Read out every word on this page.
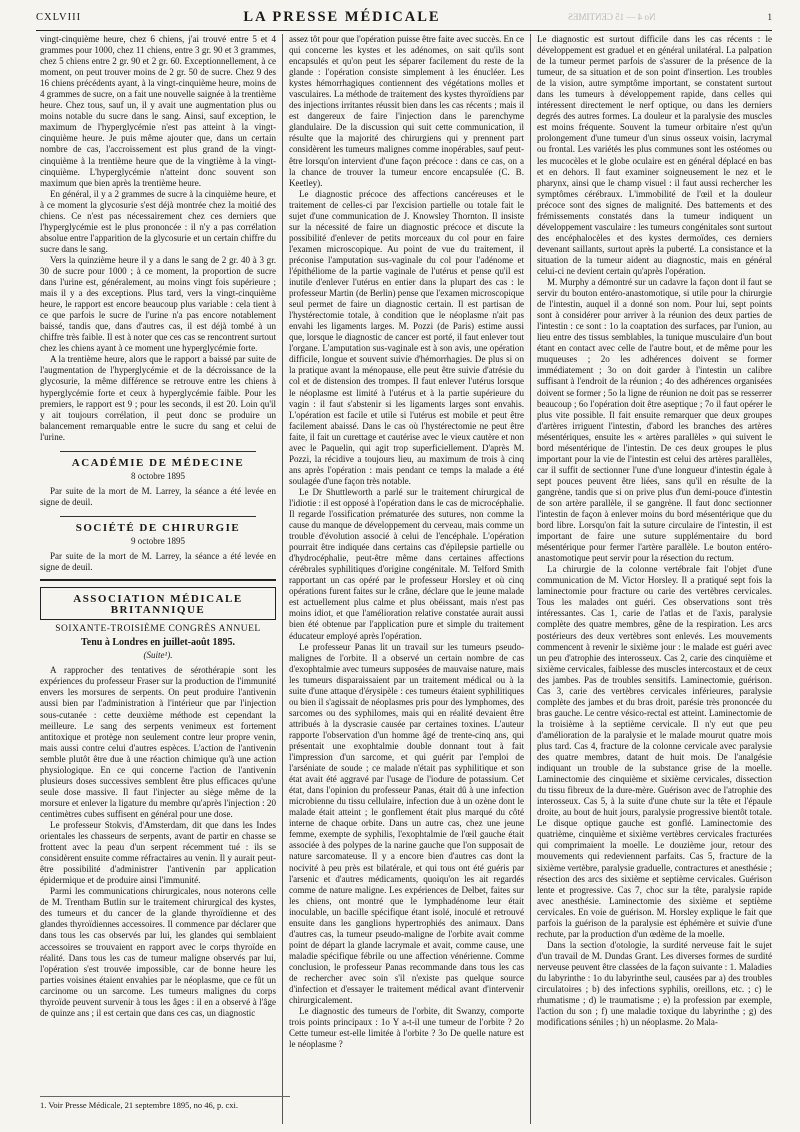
CXLVIII	LA PRESSE MÉDICALE	No 4 — 15 CENTIMES	1

vingt-cinquième heure, chez 6 chiens, j'ai trouvé entre 5 et 4 grammes pour 1000, chez 11 chiens, entre 3 gr. 90 et 3 grammes, chez 5 chiens entre 2 gr. 90 et 2 gr. 60. Exceptionnellement, à ce moment, on peut trouver moins de 2 gr. 50 de sucre. Chez 9 des 16 chiens précédents ayant, à la vingt-cinquième heure, moins de 4 grammes de sucre, on a fait une nouvelle saignée à la trentième heure. Chez tous, sauf un, il y avait une augmentation plus ou moins notable du sucre dans le sang. Ainsi, sauf exception, le maximum de l'hyperglycémie n'est pas atteint à la vingt-cinquième heure. Je puis même ajouter que, dans un certain nombre de cas, l'accroissement est plus grand de la vingt-cinquième à la trentième heure que de la vingtième à la vingt-cinquième. L'hyperglycémie n'atteint donc souvent son maximum que bien après la trentième heure.

En général, il y a 2 grammes de sucre à la cinquième heure, et à ce moment la glycosurie s'est déjà montrée chez la moitié des chiens. Ce n'est pas nécessairement chez ces derniers que l'hyperglycémie est le plus prononcée : il n'y a pas corrélation absolue entre l'apparition de la glycosurie et un certain chiffre du sucre dans le sang.

Vers la quinzième heure il y a dans le sang de 2 gr. 40 à 3 gr. 30 de sucre pour 1000 ; à ce moment, la proportion de sucre dans l'urine est, généralement, au moins vingt fois supérieure ; mais il y a des exceptions. Plus tard, vers la vingt-cinquième heure, le rapport est encore beaucoup plus variable : cela tient à ce que parfois le sucre de l'urine n'a pas encore notablement baissé, tandis que, dans d'autres cas, il est déjà tombé à un chiffre très faible. Il est à noter que ces cas se rencontrent surtout chez les chiens ayant à ce moment une hyperglycémie forte.

A la trentième heure, alors que le rapport a baissé par suite de l'augmentation de l'hyperglycémie et de la décroissance de la glycosurie, la même différence se retrouve entre les chiens à hyperglycémie forte et ceux à hyperglycémie faible. Pour les premiers, le rapport est 9 ; pour les seconds, il est 20. Loin qu'il y ait toujours corrélation, il peut donc se produire un balancement remarquable entre le sucre du sang et celui de l'urine.

ACADÉMIE DE MÉDECINE
8 octobre 1895

Par suite de la mort de M. Larrey, la séance a été levée en signe de deuil.

SOCIÉTÉ DE CHIRURGIE
9 octobre 1895

Par suite de la mort de M. Larrey, la séance a été levée en signe de deuil.

ASSOCIATION MÉDICALE BRITANNIQUE
SOIXANTE-TROISIÈME CONGRÈS ANNUEL
Tenu à Londres en juillet-août 1895.
(Suite¹).

A rapprocher des tentatives de sérothérapie sont les expériences du professeur Fraser sur la production de l'immunité envers les morsures de serpents. On peut produire l'antivenin aussi bien par l'administration à l'intérieur que par l'injection sous-cutanée : cette deuxième méthode est cependant la meilleure. Le sang des serpents venimeux est fortement antitoxique et protège non seulement contre leur propre venin, mais aussi contre celui d'autres espèces. L'action de l'antivenin semble plutôt être due à une réaction chimique qu'à une action physiologique. En ce qui concerne l'action de l'antivenin plusieurs doses successives semblent être plus efficaces qu'une seule dose massive. Il faut l'injecter au siège même de la morsure et enlever la ligature du membre qu'après l'injection : 20 centimètres cubes suffisent en général pour une dose.

Le professeur Stokvis, d'Amsterdam, dit que dans les Indes orientales les chasseurs de serpents, avant de partir en chasse se frottent avec la peau d'un serpent récemment tué : ils se considèrent ensuite comme réfractaires au venin. Il y aurait peut-être possibilité d'administrer l'antivenin par application épidermique et de produire ainsi l'immunité.

Parmi les communications chirurgicales, nous noterons celle de M. Trentham Butlin sur le traitement chirurgical des kystes, des tumeurs et du cancer de la glande thyroïdienne et des glandes thyroïdiennes accessoires. Il commence par déclarer que dans tous les cas observés par lui, les glandes qui semblaient accessoires se trouvaient en rapport avec le corps thyroïde en réalité. Dans tous les cas de tumeur maligne observés par lui, l'opération s'est trouvée impossible, car de bonne heure les parties voisines étaient envahies par le néoplasme, que ce fût un carcinome ou un sarcome. Les tumeurs malignes du corps thyroïde peuvent survenir à tous les âges : il en a observé à l'âge de quinze ans ; il est certain que dans ces cas, un diagnostic

assez tôt pour que l'opération puisse être faite avec succès. En ce qui concerne les kystes et les adénomes, on sait qu'ils sont encapsulés et qu'on peut les séparer facilement du reste de la glande : l'opération consiste simplement à les énucléer. Les kystes hémorrhagiques contiennent des végétations molles et vasculaires. La méthode de traitement des kystes thyroïdiens par des injections irritantes réussit bien dans les cas récents ; mais il est dangereux de faire l'injection dans le parenchyme glandulaire. De la discussion qui suit cette communication, il résulte que la majorité des chirurgiens qui y prennent part considèrent les tumeurs malignes comme inopérables, sauf peut-être lorsqu'on intervient d'une façon précoce : dans ce cas, on a la chance de trouver la tumeur encore encapsulée (C. B. Keetley).

Le diagnostic précoce des affections cancéreuses et le traitement de celles-ci par l'excision partielle ou totale fait le sujet d'une communication de J. Knowsley Thornton. Il insiste sur la nécessité de faire un diagnostic précoce et discute la possibilité d'enlever de petits morceaux du col pour en faire l'examen microscopique. Au point de vue du traitement, il préconise l'amputation sus-vaginale du col pour l'adénome et l'épithéliome de la partie vaginale de l'utérus et pense qu'il est inutile d'enlever l'utérus en entier dans la plupart des cas : le professeur Martin (de Berlin) pense que l'examen microscopique seul permet de faire un diagnostic certain. Il est partisan de l'hystérectomie totale, à condition que le néoplasme n'ait pas envahi les ligaments larges. M. Pozzi (de Paris) estime aussi que, lorsque le diagnostic de cancer est porté, il faut enlever tout l'organe. L'amputation sus-vaginale est à son avis, une opération difficile, longue et souvent suivie d'hémorrhagies. De plus si on la pratique avant la ménopause, elle peut être suivie d'atrésie du col et de distension des trompes. Il faut enlever l'utérus lorsque le néoplasme est limité à l'utérus et à la partie supérieure du vagin : il faut s'abstenir si les ligaments larges sont envahis. L'opération est facile et utile si l'utérus est mobile et peut être facilement abaissé. Dans le cas où l'hystérectomie ne peut être faite, il fait un curettage et cautérise avec le vieux cautère et non avec le Paquelin, qui agit trop superficiellement. D'après M. Pozzi, la récidive a toujours lieu, au maximum de trois à cinq ans après l'opération : mais pendant ce temps la malade a été soulagée d'une façon très notable.

Le Dr Shuttleworth a parlé sur le traitement chirurgical de l'idiotie : il est opposé à l'opération dans le cas de microcéphalie. Il regarde l'ossification prématurée des sutures, non comme la cause du manque de développement du cerveau, mais comme un trouble d'évolution associé à celui de l'encéphale. L'opération pourrait être indiquée dans certains cas d'épilepsie partielle ou d'hydrocéphalie, peut-être même dans certaines affections cérébrales syphilitiques d'origine congénitale. M. Telford Smith rapportant un cas opéré par le professeur Horsley et où cinq opérations furent faites sur le crâne, déclare que le jeune malade est actuellement plus calme et plus obéissant, mais n'est pas moins idiot, et que l'amélioration relative constatée aurait aussi bien été obtenue par l'application pure et simple du traitement éducateur employé après l'opération.

Le professeur Panas lit un travail sur les tumeurs pseudo-malignes de l'orbite. Il a observé un certain nombre de cas d'exophtalmie avec tumeurs supposées de mauvaise nature, mais les tumeurs disparaissaient par un traitement médical ou à la suite d'une attaque d'érysipèle : ces tumeurs étaient syphilitiques ou bien il s'agissait de néoplasmes pris pour des lymphomes, des sarcomes ou des syphilomes, mais qui en réalité devaient être attribués à la dyscrasie causée par certaines toxines. L'auteur rapporte l'observation d'un homme âgé de trente-cinq ans, qui présentait une exophtalmie double donnant tout à fait l'impression d'un sarcome, et qui guérit par l'emploi de l'arséniate de soude ; ce malade n'était pas syphilitique et son état avait été aggravé par l'usage de l'iodure de potassium. Cet état, dans l'opinion du professeur Panas, était dû à une infection microbienne du tissu cellulaire, infection due à un ozène dont le malade était atteint ; le gonflement était plus marqué du côté interne de chaque orbite. Dans un autre cas, chez une jeune femme, exempte de syphilis, l'exophtalmie de l'œil gauche était associée à des polypes de la narine gauche que l'on supposait de nature sarcomateuse. Il y a encore bien d'autres cas dont la nocivité à peu près est bilatérale, et qui tous ont été guéris par l'arsenic et d'autres médicaments, quoiqu'on les ait regardés comme de nature maligne. Les expériences de Delbet, faites sur les chiens, ont montré que le lymphadénome leur était inoculable, un bacille spécifique étant isolé, inoculé et retrouvé ensuite dans les ganglions hypertrophiés des animaux. Dans d'autres cas, la tumeur pseudo-maligne de l'orbite avait comme point de départ la glande lacrymale et avait, comme cause, une maladie spécifique fébrile ou une affection vénérienne. Comme conclusion, le professeur Panas recommande dans tous les cas de rechercher avec soin s'il n'existe pas quelque source d'infection et d'essayer le traitement médical avant d'intervenir chirurgicalement.

Le diagnostic des tumeurs de l'orbite, dit Swanzy, comporte trois points principaux : 1o Y a-t-il une tumeur de l'orbite ? 2o Cette tumeur est-elle limitée à l'orbite ? 3o De quelle nature est le néoplasme ?

Le diagnostic est surtout difficile dans les cas récents : le développement est graduel et en général unilatéral. La palpation de la tumeur permet parfois de s'assurer de la présence de la tumeur, de sa situation et de son point d'insertion. Les troubles de la vision, autre symptôme important, se constatent surtout dans les tumeurs à développement rapide, dans celles qui intéressent directement le nerf optique, ou dans les derniers degrés des autres formes. La douleur et la paralysie des muscles est moins fréquente. Souvent la tumeur orbitaire n'est qu'un prolongement d'une tumeur d'un sinus osseux voisin, lacrymal ou frontal. Les variétés les plus communes sont les ostéomes ou les mucocèles et le globe oculaire est en général déplacé en bas et en dehors. Il faut examiner soigneusement le nez et le pharynx, ainsi que le champ visuel : il faut aussi rechercher les symptômes cérébraux. L'immobilité de l'œil et la douleur précoce sont des signes de malignité. Des battements et des frémissements constatés dans la tumeur indiquent un développement vasculaire : les tumeurs congénitales sont surtout des encéphalocèles et des kystes dermoïdes, ces derniers devenant saillants, surtout après la puberté. La consistance et la situation de la tumeur aident au diagnostic, mais en général celui-ci ne devient certain qu'après l'opération.

M. Murphy a démontré sur un cadavre la façon dont il faut se servir du bouton entéro-anastomotique, si utile pour la chirurgie de l'intestin, auquel il a donné son nom. Pour lui, sept points sont à considérer pour arriver à la réunion des deux parties de l'intestin : ce sont : 1o la coaptation des surfaces, par l'union, au lieu entre des tissus semblables, la tunique musculaire d'un bout étant en contact avec celle de l'autre bout, et de même pour les muqueuses ; 2o les adhérences doivent se former immédiatement ; 3o on doit garder à l'intestin un calibre suffisant à l'endroit de la réunion ; 4o des adhérences organisées doivent se former ; 5o la ligne de réunion ne doit pas se resserrer beaucoup ; 6o l'opération doit être aseptique ; 7o il faut opérer le plus vite possible. Il fait ensuite remarquer que deux groupes d'artères irriguent l'intestin, d'abord les branches des artères mésentériques, ensuite les « artères parallèles » qui suivent le bord mésentérique de l'intestin. De ces deux groupes le plus important pour la vie de l'intestin est celui des artères parallèles, car il suffit de sectionner l'une d'une longueur d'intestin égale à sept pouces peuvent être liées, sans qu'il en résulte de la gangrène, tandis que si on prive plus d'un demi-pouce d'intestin de son artère parallèle, il se gangrène. Il faut donc sectionner l'intestin de façon à enlever moins du bord mésentérique que du bord libre. Lorsqu'on fait la suture circulaire de l'intestin, il est important de faire une suture supplémentaire du bord mésentérique pour fermer l'artère parallèle. Le bouton entéro-anastomotique peut servir pour la résection du rectum.

La chirurgie de la colonne vertébrale fait l'objet d'une communication de M. Victor Horsley. Il a pratiqué sept fois la laminectomie pour fracture ou carie des vertèbres cervicales. Tous les malades ont guéri. Ces observations sont très intéressantes. Cas 1, carie de l'atlas et de l'axis, paralysie complète des quatre membres, gêne de la respiration. Les arcs postérieurs des deux vertèbres sont enlevés. Les mouvements commencent à revenir le sixième jour : le malade est guéri avec un peu d'atrophie des interosseux. Cas 2, carie des cinquième et sixième cervicales, faiblesse des muscles intercostaux et de ceux des jambes. Pas de troubles sensitifs. Laminectomie, guérison. Cas 3, carie des vertèbres cervicales inférieures, paralysie complète des jambes et du bras droit, parésie très prononcée du bras gauche. Le centre vésico-rectal est atteint. Laminectomie de la troisième à la septième cervicale. Il n'y eut que peu d'amélioration de la paralysie et le malade mourut quatre mois plus tard. Cas 4, fracture de la colonne cervicale avec paralysie des quatre membres, datant de huit mois. De l'analgésie indiquant un trouble de la substance grise de la moelle. Laminectomie des cinquième et sixième cervicales, dissection du tissu fibreux de la dure-mère. Guérison avec de l'atrophie des interosseux. Cas 5, à la suite d'une chute sur la tête et l'épaule droite, au bout de huit jours, paralysie progressive bientôt totale. Le disque optique gauche est gonflé. Laminectomie des quatrième, cinquième et sixième vertèbres cervicales fracturées qui comprimaient la moelle. Le douzième jour, retour des mouvements qui redeviennent parfaits. Cas 5, fracture de la sixième vertèbre, paralysie graduelle, contractures et anesthésie ; résection des arcs des sixième et septième cervicales. Guérison lente et progressive. Cas 7, choc sur la tête, paralysie rapide avec anesthésie. Laminectomie des sixième et septième cervicales. En voie de guérison. M. Horsley explique le fait que parfois la guérison de la paralysie est éphémère et suivie d'une rechute, par la production d'un œdème de la moelle.

Dans la section d'otologie, la surdité nerveuse fait le sujet d'un travail de M. Dundas Grant. Les diverses formes de surdité nerveuse peuvent être classées de la façon suivante : 1. Maladies du labyrinthe : 1o du labyrinthe seul, causées par a) des troubles circulatoires ; b) des infections syphilis, oreillons, etc. ; c) le rhumatisme ; d) le traumatisme ; e) la profession par exemple, l'action du son ; f) une maladie toxique du labyrinthe ; g) des modifications séniles ; h) un néoplasme. 2o Mala-

1. Voir Presse Médicale, 21 septembre 1895, no 46, p. cxi.
